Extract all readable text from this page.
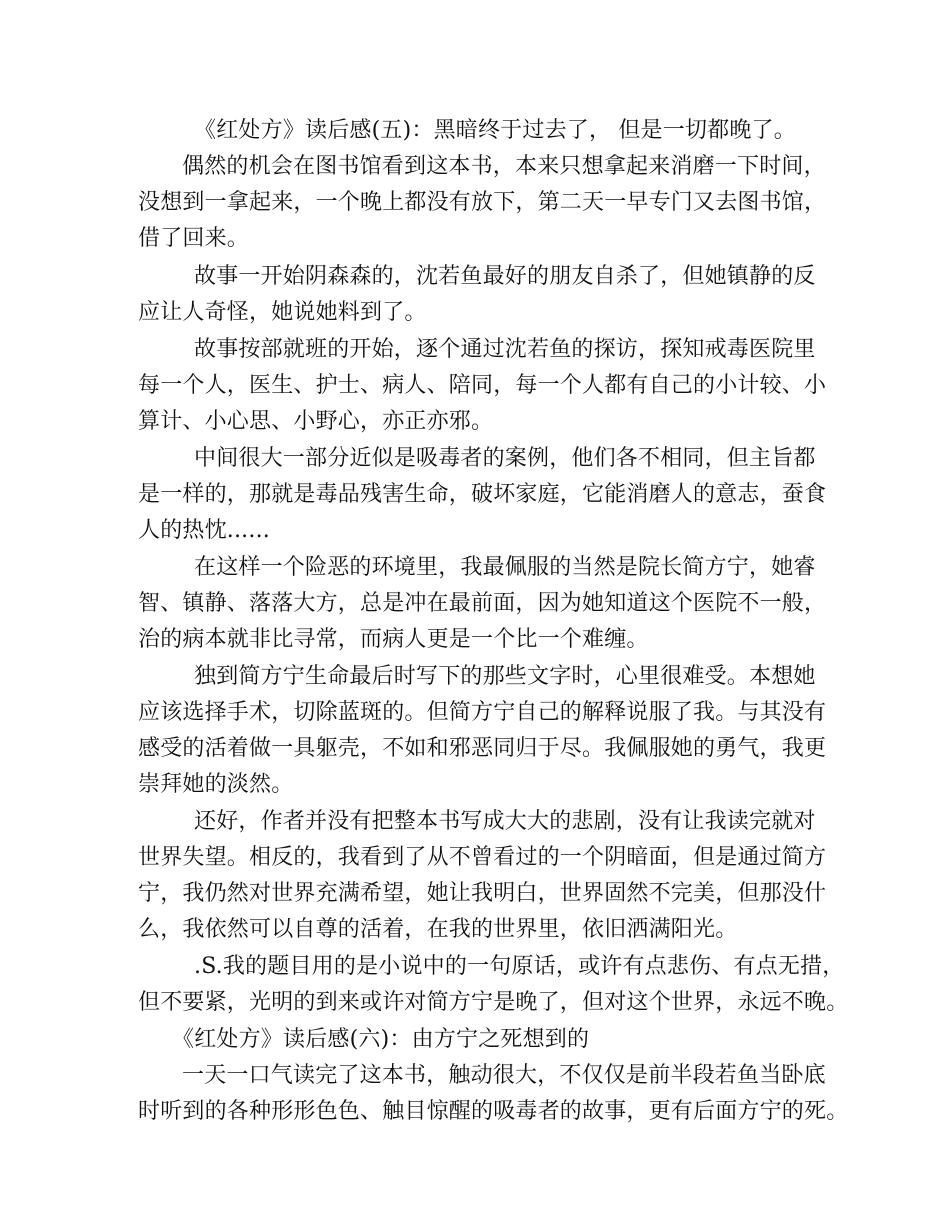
《红处方》读后感(五)：黑暗终于过去了， 但是一切都晚了。
偶然的机会在图书馆看到这本书，本来只想拿起来消磨一下时间，
没想到一拿起来，一个晚上都没有放下，第二天一早专门又去图书馆，
借了回来。
故事一开始阴森森的，沈若鱼最好的朋友自杀了，但她镇静的反
应让人奇怪，她说她料到了。
故事按部就班的开始，逐个通过沈若鱼的探访，探知戒毒医院里
每一个人，医生、护士、病人、陪同，每一个人都有自己的小计较、小
算计、小心思、小野心，亦正亦邪。
中间很大一部分近似是吸毒者的案例，他们各不相同，但主旨都
是一样的，那就是毒品残害生命，破坏家庭，它能消磨人的意志，蚕食
人的热忱......
在这样一个险恶的环境里，我最佩服的当然是院长简方宁，她睿
智、镇静、落落大方，总是冲在最前面，因为她知道这个医院不一般，
治的病本就非比寻常，而病人更是一个比一个难缠。
独到简方宁生命最后时写下的那些文字时，心里很难受。本想她
应该选择手术，切除蓝斑的。但简方宁自己的解释说服了我。与其没有
感受的活着做一具躯壳，不如和邪恶同归于尽。我佩服她的勇气，我更
崇拜她的淡然。
还好，作者并没有把整本书写成大大的悲剧，没有让我读完就对
世界失望。相反的，我看到了从不曾看过的一个阴暗面，但是通过简方
宁，我仍然对世界充满希望，她让我明白，世界固然不完美，但那没什
么，我依然可以自尊的活着，在我的世界里，依旧洒满阳光。
.S.我的题目用的是小说中的一句原话，或许有点悲伤、有点无措，
但不要紧，光明的到来或许对简方宁是晚了，但对这个世界，永远不晚。
《红处方》读后感(六)：由方宁之死想到的
一天一口气读完了这本书，触动很大，不仅仅是前半段若鱼当卧底
时听到的各种形形色色、触目惊醒的吸毒者的故事，更有后面方宁的死。
